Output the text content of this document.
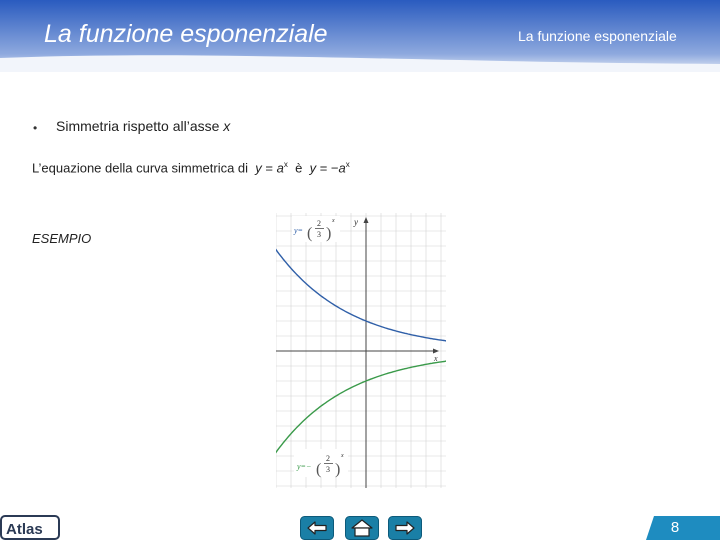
La funzione esponenziale	La funzione esponenziale
• Simmetria rispetto all’asse x
L’equazione della curva simmetrica di $y = a^x$ è $y = -a^x$
ESEMPIO
y
x
y= (
2
3 )
x
y=− (
2
3 )
x
Atlas	8
